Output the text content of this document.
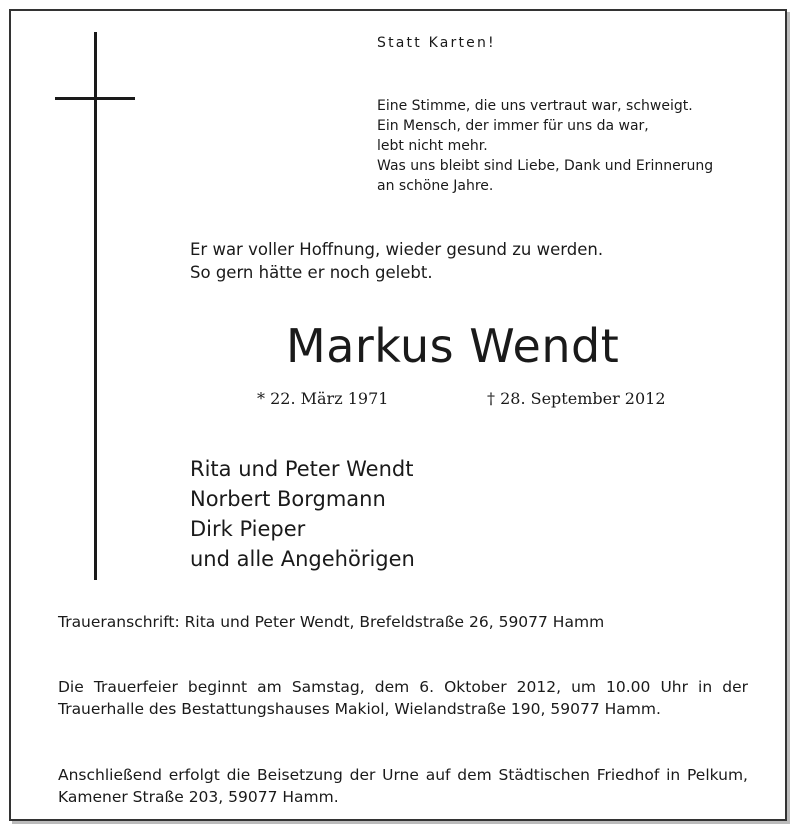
Statt Karten!
Eine Stimme, die uns vertraut war, schweigt.
Ein Mensch, der immer für uns da war,
lebt nicht mehr.
Was uns bleibt sind Liebe, Dank und Erinnerung
an schöne Jahre.
Er war voller Hoffnung, wieder gesund zu werden.
So gern hätte er noch gelebt.
Markus Wendt
* 22. März 1971	† 28. September 2012
Rita und Peter Wendt
Norbert Borgmann
Dirk Pieper
und alle Angehörigen
Traueranschrift: Rita und Peter Wendt, Brefeldstraße 26, 59077 Hamm
Die Trauerfeier beginnt am Samstag, dem 6. Oktober 2012, um 10.00 Uhr in der Trauerhalle des Bestattungshauses Makiol, Wielandstraße 190, 59077 Hamm.
Anschließend erfolgt die Beisetzung der Urne auf dem Städtischen Friedhof in Pelkum, Kamener Straße 203, 59077 Hamm.
